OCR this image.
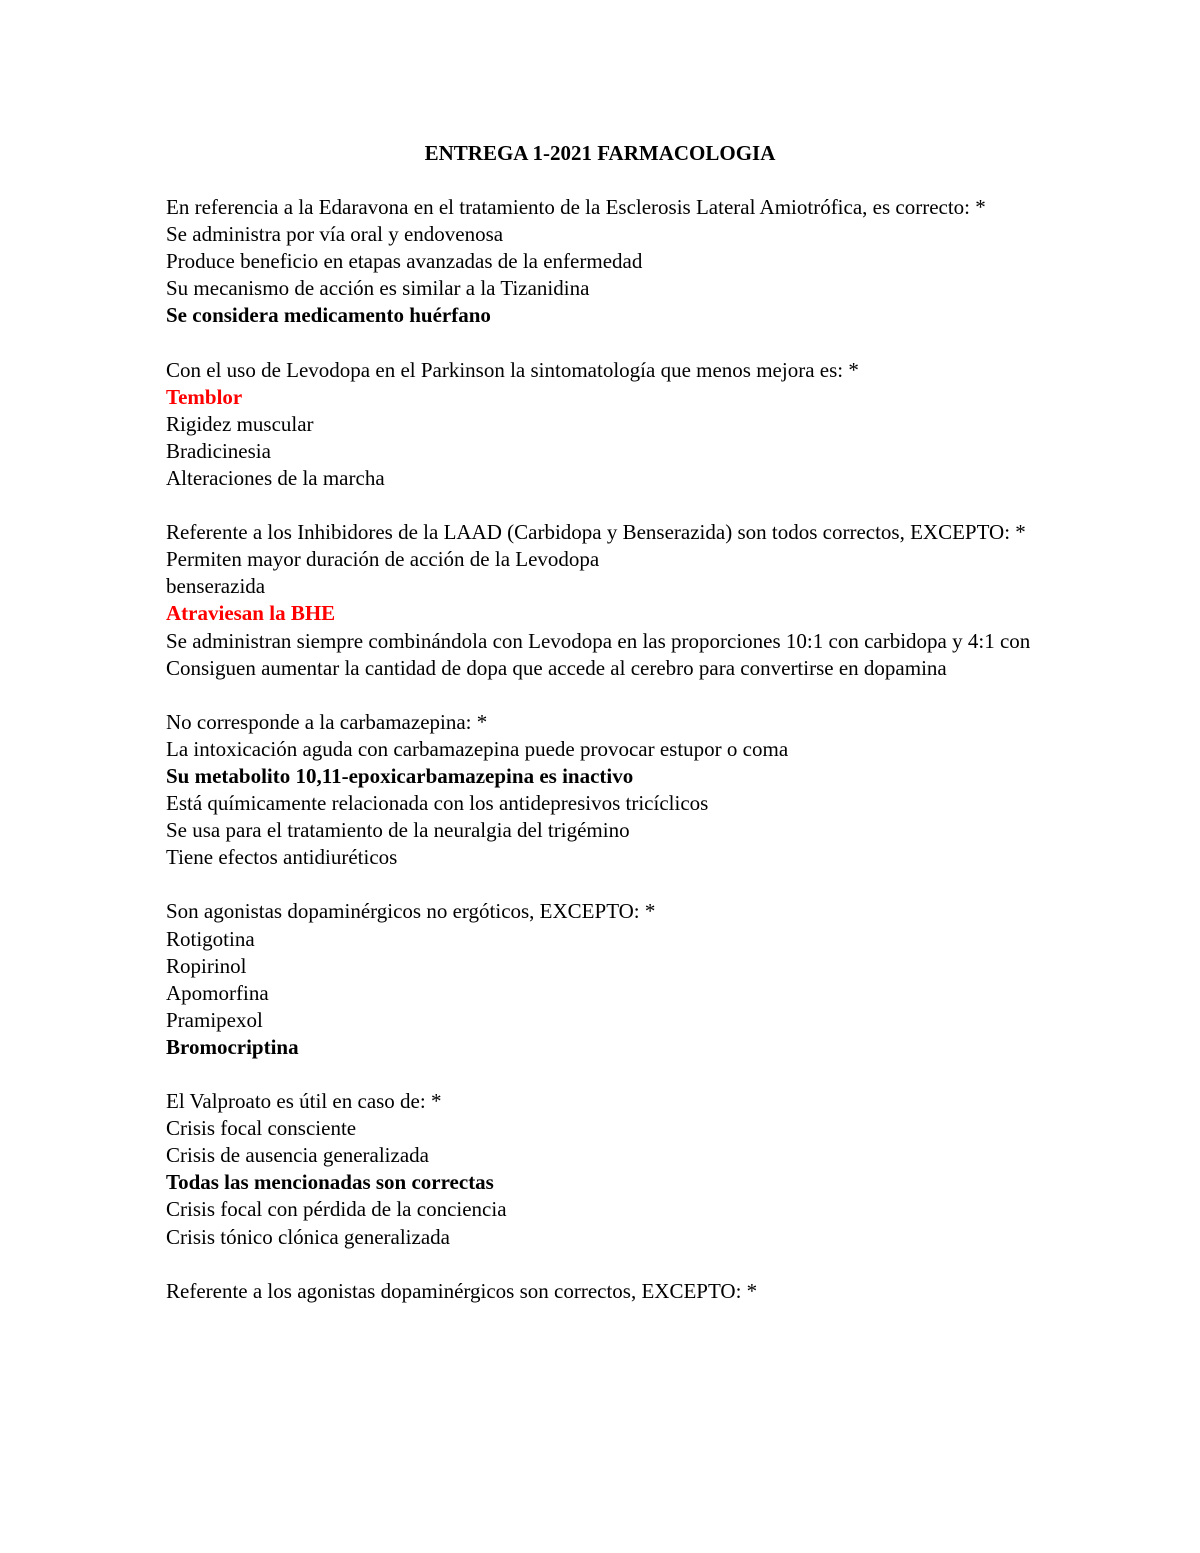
ENTREGA 1-2021 FARMACOLOGIA
En referencia a la Edaravona en el tratamiento de la Esclerosis Lateral Amiotrófica, es correcto: *
Se administra por vía oral y endovenosa
Produce beneficio en etapas avanzadas de la enfermedad
Su mecanismo de acción es similar a la Tizanidina
Se considera medicamento huérfano
Con el uso de Levodopa en el Parkinson la sintomatología que menos mejora es: *
Temblor
Rigidez muscular
Bradicinesia
Alteraciones de la marcha
Referente a los Inhibidores de la LAAD (Carbidopa y Benserazida) son todos correctos, EXCEPTO: *
Permiten mayor duración de acción de la Levodopa
benserazida
Atraviesan la BHE
Se administran siempre combinándola con Levodopa en las proporciones 10:1 con carbidopa y 4:1 con
Consiguen aumentar la cantidad de dopa que accede al cerebro para convertirse en dopamina
No corresponde a la carbamazepina: *
La intoxicación aguda con carbamazepina puede provocar estupor o coma
Su metabolito 10,11-epoxicarbamazepina es inactivo
Está químicamente relacionada con los antidepresivos tricíclicos
Se usa para el tratamiento de la neuralgia del trigémino
Tiene efectos antidiuréticos
Son agonistas dopaminérgicos no ergóticos, EXCEPTO: *
Rotigotina
Ropirinol
Apomorfina
Pramipexol
Bromocriptina
El Valproato es útil en caso de: *
Crisis focal consciente
Crisis de ausencia generalizada
Todas las mencionadas son correctas
Crisis focal con pérdida de la conciencia
Crisis tónico clónica generalizada
Referente a los agonistas dopaminérgicos son correctos, EXCEPTO: *
